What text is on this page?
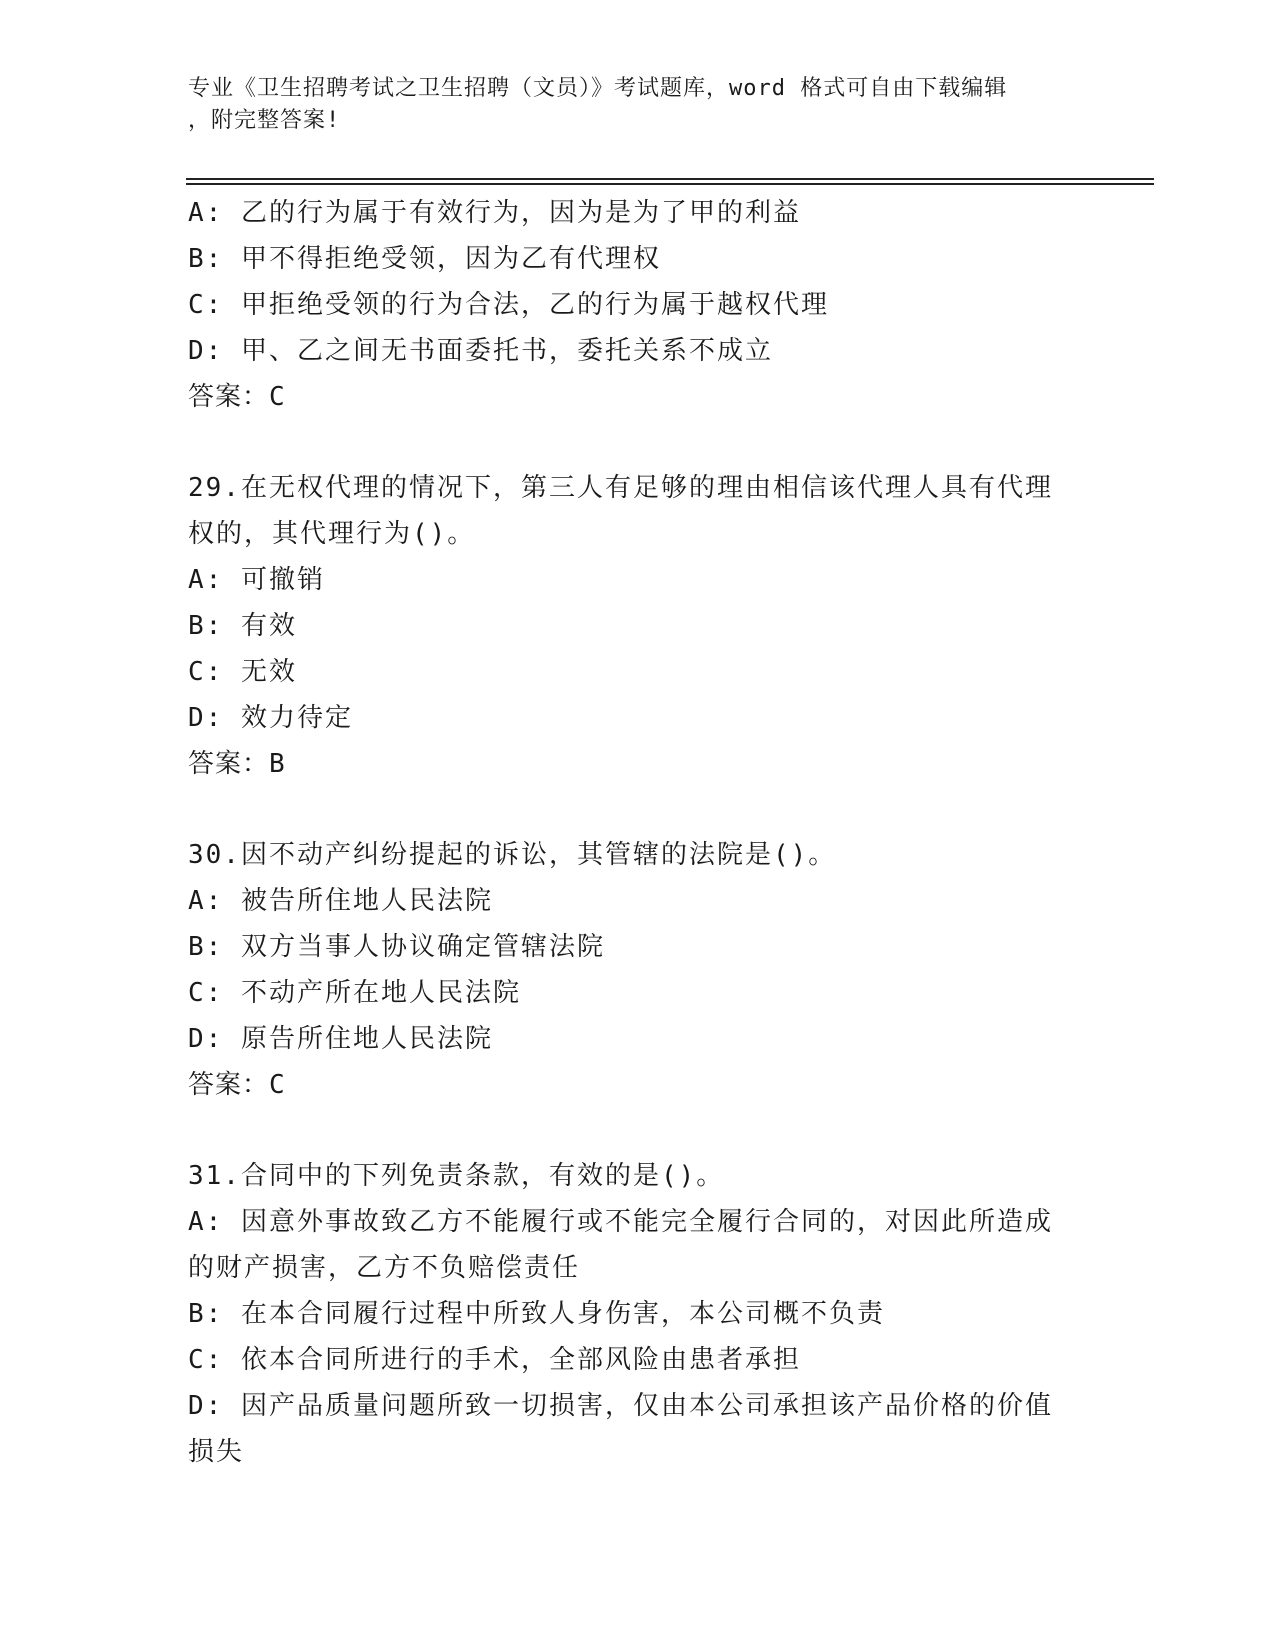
专业《卫生招聘考试之卫生招聘（文员）》考试题库，word 格式可自由下载编辑
，附完整答案!
A: 乙的行为属于有效行为，因为是为了甲的利益
B: 甲不得拒绝受领，因为乙有代理权
C: 甲拒绝受领的行为合法，乙的行为属于越权代理
D: 甲、乙之间无书面委托书，委托关系不成立
答案：C
29.在无权代理的情况下，第三人有足够的理由相信该代理人具有代理
权的，其代理行为()。
A: 可撤销
B: 有效
C: 无效
D: 效力待定
答案：B
30.因不动产纠纷提起的诉讼，其管辖的法院是()。
A: 被告所住地人民法院
B: 双方当事人协议确定管辖法院
C: 不动产所在地人民法院
D: 原告所住地人民法院
答案：C
31.合同中的下列免责条款，有效的是()。
A: 因意外事故致乙方不能履行或不能完全履行合同的，对因此所造成
的财产损害，乙方不负赔偿责任
B: 在本合同履行过程中所致人身伤害，本公司概不负责
C: 依本合同所进行的手术，全部风险由患者承担
D: 因产品质量问题所致一切损害，仅由本公司承担该产品价格的价值
损失
